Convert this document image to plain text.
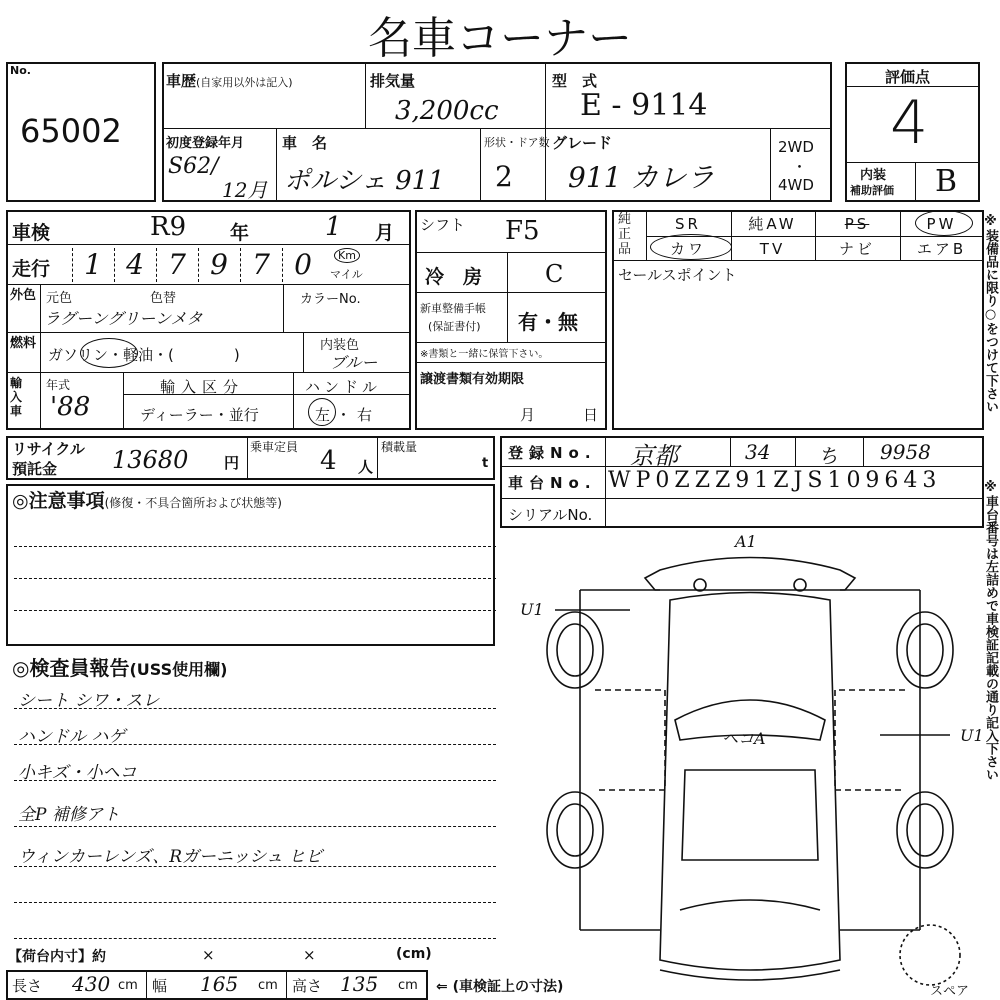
名車コーナー
No.
65002
車歴(自家用以外は記入)	排気量
3,200cc
型　式
E - 9114
初度登録年月
S62/
12月
車　名
ポルシェ 911
形状・ドア数
2
グレード
911 カレラ
2WD
・
4WD
評価点
4
内装
補助評価 B
車検	R9 年	1 月
走行	1 4 7 9 7 0	Km
マイル
外色 元色	色替
ラグーングリーンメタ
カラーNo.
燃料
ガソリン・軽油・(　　　　)
内装色
ブルー
輸入車
年式
'88
輸入区分
ディーラー・並行
ハンドル
左・右
シフト F5
冷　房	C
新車整備手帳
(保証書付) 有・無
※書類と一緒に保管下さい。
譲渡書類有効期限
月	日
純正品
SR	純AW	PS	PW
カワ	TV	ナビ	エアB
セールスポイント	※装備品に限り○をつけて下さい
※車台番号は左詰めで車検証記載の通り記入下さい
リサイクル
預託金 13680 円
乗車定員 4 人
積載量
t
登録No. 京都	34 ち 9958
車台No. WP0ZZZ91ZJS109643
シリアルNo.
◎注意事項(修復・不具合箇所および状態等)
◎検査員報告(USS使用欄)
シート シワ・スレ
ハンドル ハゲ
小キズ・小ヘコ
全P 補修アト
ウィンカーレンズ、Rガーニッシュ ヒビ
【荷台内寸】約	×	×	(cm)
長さ 430 cm 幅 165 cm 高さ 135 cm ⇐ (車検証上の寸法)
A1
U1
U1
ヘコA
スペア
